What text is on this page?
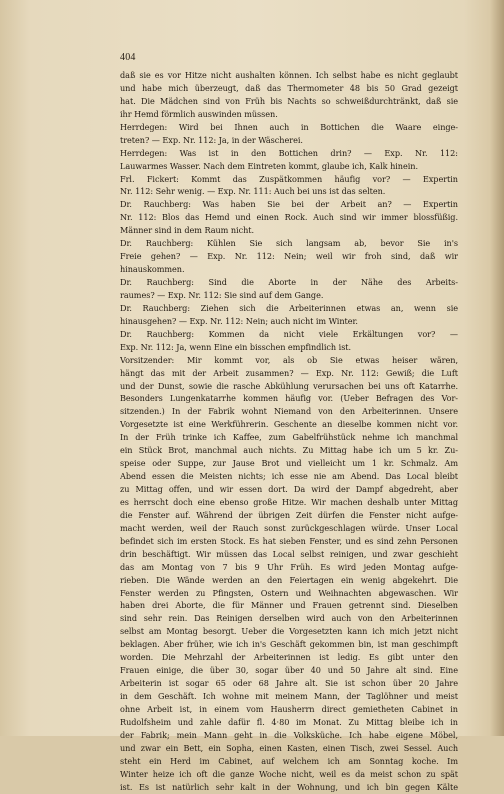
404
daß sie es vor Hitze nicht aushalten können. Ich selbst habe es nicht geglaubt
und habe mich überzeugt, daß das Thermometer 48 bis 50 Grad gezeigt
hat. Die Mädchen sind von Früh bis Nachts so schweißdurchtränkt, daß sie
ihr Hemd förmlich auswinden müssen.
Herrdegen: Wird bei Ihnen auch in Bottichen die Waare einge-
treten? — Exp. Nr. 112: Ja, in der Wäscherei.
Herrdegen: Was ist in den Bottichen drin? — Exp. Nr. 112:
Lauwarmes Wasser. Nach dem Eintreten kommt, glaube ich, Kalk hinein.
Frl. Fickert: Kommt das Zuspätkommen häufig vor? — Expertin
Nr. 112: Sehr wenig. — Exp. Nr. 111: Auch bei uns ist das selten.
Dr. Rauchberg: Was haben Sie bei der Arbeit an? — Expertin
Nr. 112: Blos das Hemd und einen Rock. Auch sind wir immer blossfüßig.
Männer sind in dem Raum nicht.
Dr. Rauchberg: Kühlen Sie sich langsam ab, bevor Sie in's
Freie gehen? — Exp. Nr. 112: Nein; weil wir froh sind, daß wir
hinauskommen.
Dr. Rauchberg: Sind die Aborte in der Nähe des Arbeits-
raumes? — Exp. Nr. 112: Sie sind auf dem Gange.
Dr. Rauchberg: Ziehen sich die Arbeiterinnen etwas an, wenn sie
hinausgehen? — Exp. Nr. 112: Nein; auch nicht im Winter.
Dr. Rauchberg: Kommen da nicht viele Erkältungen vor? —
Exp. Nr. 112: Ja, wenn Eine ein bisschen empfindlich ist.
Vorsitzender: Mir kommt vor, als ob Sie etwas heiser wären,
hängt das mit der Arbeit zusammen? — Exp. Nr. 112: Gewiß; die Luft
und der Dunst, sowie die rasche Abkühlung verursachen bei uns oft Katarrhe.
Besonders Lungenkatarrhe kommen häufig vor. (Ueber Befragen des Vor-
sitzenden.) In der Fabrik wohnt Niemand von den Arbeiterinnen. Unsere
Vorgesetzte ist eine Werkführerin. Geschente an dieselbe kommen nicht vor.
In der Früh trinke ich Kaffee, zum Gabelfrühstück nehme ich manchmal
ein Stück Brot, manchmal auch nichts. Zu Mittag habe ich um 5 kr. Zu-
speise oder Suppe, zur Jause Brot und vielleicht um 1 kr. Schmalz. Am
Abend essen die Meisten nichts; ich esse nie am Abend. Das Local bleibt
zu Mittag offen, und wir essen dort. Da wird der Dampf abgedreht, aber
es herrscht doch eine ebenso große Hitze. Wir machen deshalb unter Mittag
die Fenster auf. Während der übrigen Zeit dürfen die Fenster nicht aufge-
macht werden, weil der Rauch sonst zurückgeschlagen würde. Unser Local
befindet sich im ersten Stock. Es hat sieben Fenster, und es sind zehn Personen
drin beschäftigt. Wir müssen das Local selbst reinigen, und zwar geschieht
das am Montag von 7 bis 9 Uhr Früh. Es wird jeden Montag aufge-
rieben. Die Wände werden an den Feiertagen ein wenig abgekehrt. Die
Fenster werden zu Pfingsten, Ostern und Weihnachten abgewaschen. Wir
haben drei Aborte, die für Männer und Frauen getrennt sind. Dieselben
sind sehr rein. Das Reinigen derselben wird auch von den Arbeiterinnen
selbst am Montag besorgt. Ueber die Vorgesetzten kann ich mich jetzt nicht
beklagen. Aber früher, wie ich in's Geschäft gekommen bin, ist man geschimpft
worden. Die Mehrzahl der Arbeiterinnen ist ledig. Es gibt unter den
Frauen einige, die über 30, sogar über 40 und 50 Jahre alt sind. Eine
Arbeiterin ist sogar 65 oder 68 Jahre alt. Sie ist schon über 20 Jahre
in dem Geschäft. Ich wohne mit meinem Mann, der Taglöhner und meist
ohne Arbeit ist, in einem vom Hausherrn direct gemietheten Cabinet in
Rudolfsheim und zahle dafür fl. 4·80 im Monat. Zu Mittag bleibe ich in
der Fabrik; mein Mann geht in die Volksküche. Ich habe eigene Möbel,
und zwar ein Bett, ein Sopha, einen Kasten, einen Tisch, zwei Sessel. Auch
steht ein Herd im Cabinet, auf welchem ich am Sonntag koche. Im
Winter heize ich oft die ganze Woche nicht, weil es da meist schon zu spät
ist. Es ist natürlich sehr kalt in der Wohnung, und ich bin gegen Kälte
